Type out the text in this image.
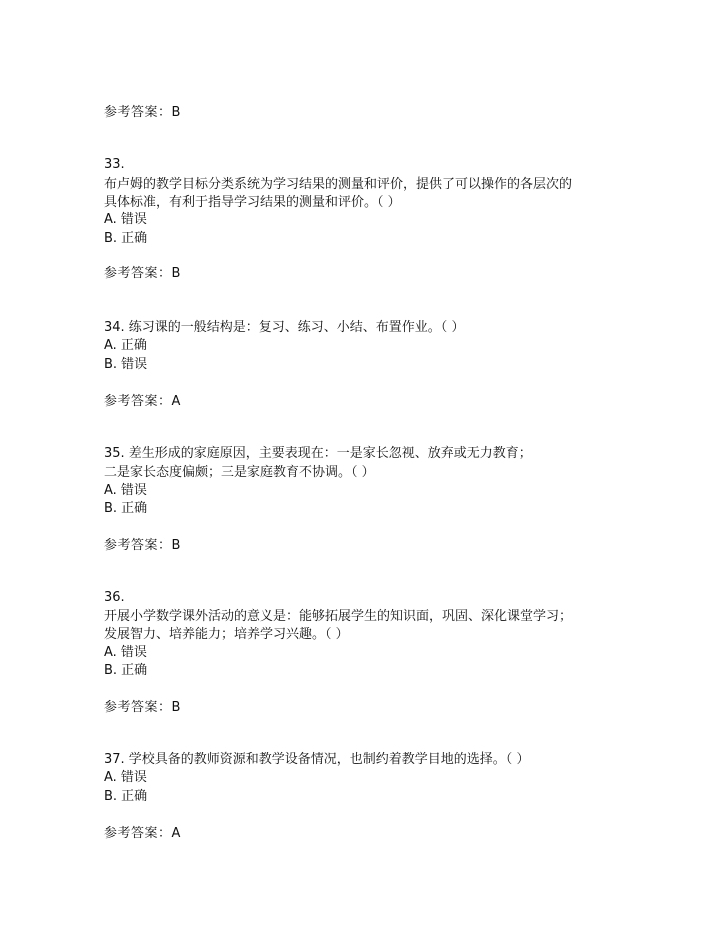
参考答案：B
33.
布卢姆的教学目标分类系统为学习结果的测量和评价，提供了可以操作的各层次的
具体标准，有利于指导学习结果的测量和评价。（ ）
A. 错误
B. 正确
参考答案：B
34. 练习课的一般结构是：复习、练习、小结、布置作业。（ ）
A. 正确
B. 错误
参考答案：A
35. 差生形成的家庭原因，主要表现在：一是家长忽视、放弃或无力教育；
二是家长态度偏颇；三是家庭教育不协调。（ ）
A. 错误
B. 正确
参考答案：B
36.
开展小学数学课外活动的意义是：能够拓展学生的知识面，巩固、深化课堂学习；
发展智力、培养能力；培养学习兴趣。（ ）
A. 错误
B. 正确
参考答案：B
37. 学校具备的教师资源和教学设备情况，也制约着教学目地的选择。（ ）
A. 错误
B. 正确
参考答案：A
